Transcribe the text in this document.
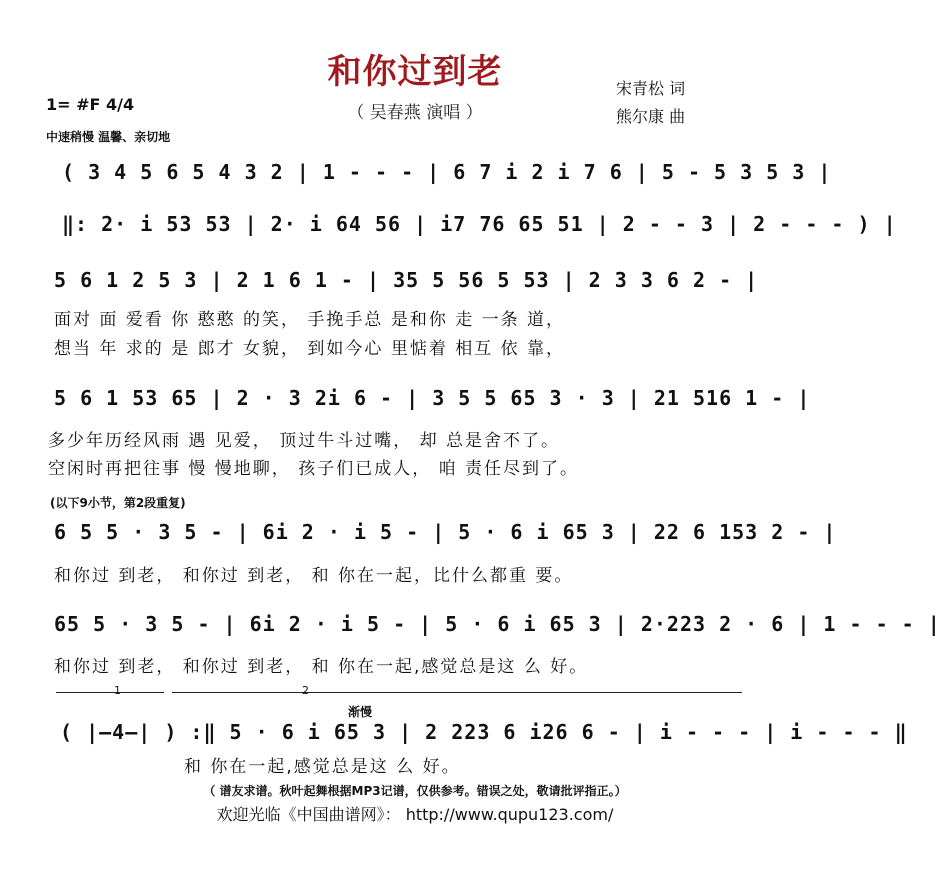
和你过到老
（ 吴春燕 演唱 ）
宋青松 词
熊尔康 曲
1= #F 4/4
中速稍慢 温馨、亲切地
( 3 4 5 6 5 4 3 2 | 1 - - - | 6 7 i 2 i 7 6 | 5 - 5 3 5 3 |
‖: 2· i 53 53 | 2· i 64 56 | i7 76 65 51 | 2 - - 3 | 2 - - - ) |
5 6 1 2 5 3 | 2 1 6 1 - | 35 5 56 5 53 | 2 3 3 6 2 - |
面对 面 爱看 你 憨憨 的笑， 手挽手总 是和你 走 一条 道，
想当 年 求的 是 郎才 女貌， 到如今心 里惦着 相互 依 靠，
5 6 1 53 65 | 2 · 3 2i 6 - | 3 5 5 65 3 · 3 | 21 516 1 - |
多少年历经风雨 遇 见爱， 顶过牛斗过嘴， 却 总是舍不了。
空闲时再把往事 慢 慢地聊， 孩子们已成人， 咱 责任尽到了。
(以下9小节，第2段重复)
6 5 5 · 3 5 - | 6i 2 · i 5 - | 5 · 6 i 65 3 | 22 6 153 2 - |
和你过 到老， 和你过 到老， 和 你在一起，比什么都重 要。
65 5 · 3 5 - | 6i 2 · i 5 - | 5 · 6 i 65 3 | 2·223 2 · 6 | 1 - - - |
和你过 到老， 和你过 到老， 和 你在一起,感觉总是这 么 好。
1	2
渐慢
( |—4—| ) :‖ 5 · 6 i 65 3 | 2 223 6 i26 6 - | i - - - | i - - - ‖
和 你在一起,感觉总是这 么 好。
（ 谱友求谱。秋叶起舞根据MP3记谱，仅供参考。错误之处，敬请批评指正。）
欢迎光临《中国曲谱网》： http://www.qupu123.com/
